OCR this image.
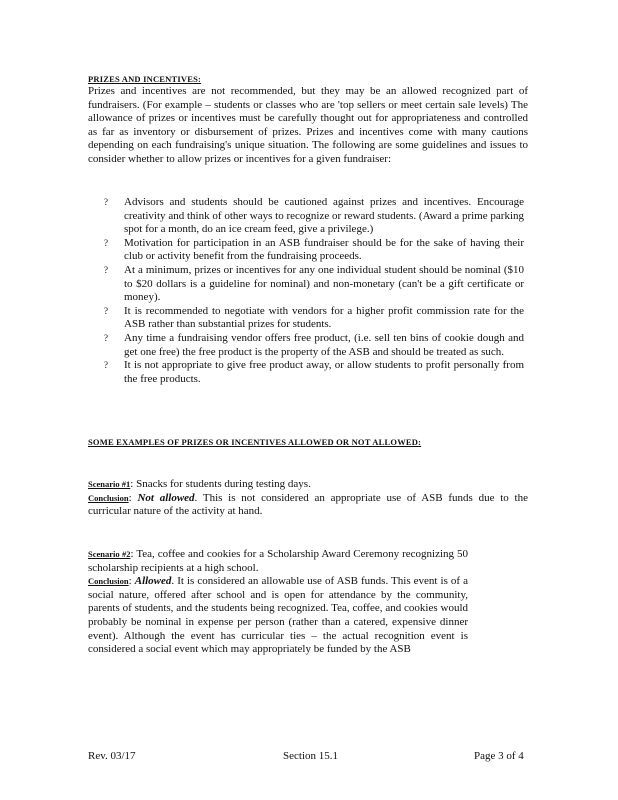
PRIZES AND INCENTIVES:
Prizes and incentives are not recommended, but they may be an allowed recognized part of fundraisers. (For example – students or classes who are 'top sellers or meet certain sale levels) The allowance of prizes or incentives must be carefully thought out for appropriateness and controlled as far as inventory or disbursement of prizes. Prizes and incentives come with many cautions depending on each fundraising's unique situation. The following are some guidelines and issues to consider whether to allow prizes or incentives for a given fundraiser:
? Advisors and students should be cautioned against prizes and incentives. Encourage creativity and think of other ways to recognize or reward students. (Award a prime parking spot for a month, do an ice cream feed, give a privilege.)
? Motivation for participation in an ASB fundraiser should be for the sake of having their club or activity benefit from the fundraising proceeds.
? At a minimum, prizes or incentives for any one individual student should be nominal ($10 to $20 dollars is a guideline for nominal) and non-monetary (can't be a gift certificate or money).
? It is recommended to negotiate with vendors for a higher profit commission rate for the ASB rather than substantial prizes for students.
? Any time a fundraising vendor offers free product, (i.e. sell ten bins of cookie dough and get one free) the free product is the property of the ASB and should be treated as such.
? It is not appropriate to give free product away, or allow students to profit personally from the free products.
SOME EXAMPLES OF PRIZES OR INCENTIVES ALLOWED OR NOT ALLOWED:
Scenario #1: Snacks for students during testing days.
Conclusion: Not allowed. This is not considered an appropriate use of ASB funds due to the curricular nature of the activity at hand.
Scenario #2: Tea, coffee and cookies for a Scholarship Award Ceremony recognizing 50 scholarship recipients at a high school.
Conclusion: Allowed. It is considered an allowable use of ASB funds. This event is of a social nature, offered after school and is open for attendance by the community, parents of students, and the students being recognized. Tea, coffee, and cookies would probably be nominal in expense per person (rather than a catered, expensive dinner event). Although the event has curricular ties – the actual recognition event is considered a social event which may appropriately be funded by the ASB
Rev. 03/17	Section 15.1	Page 3 of 4
